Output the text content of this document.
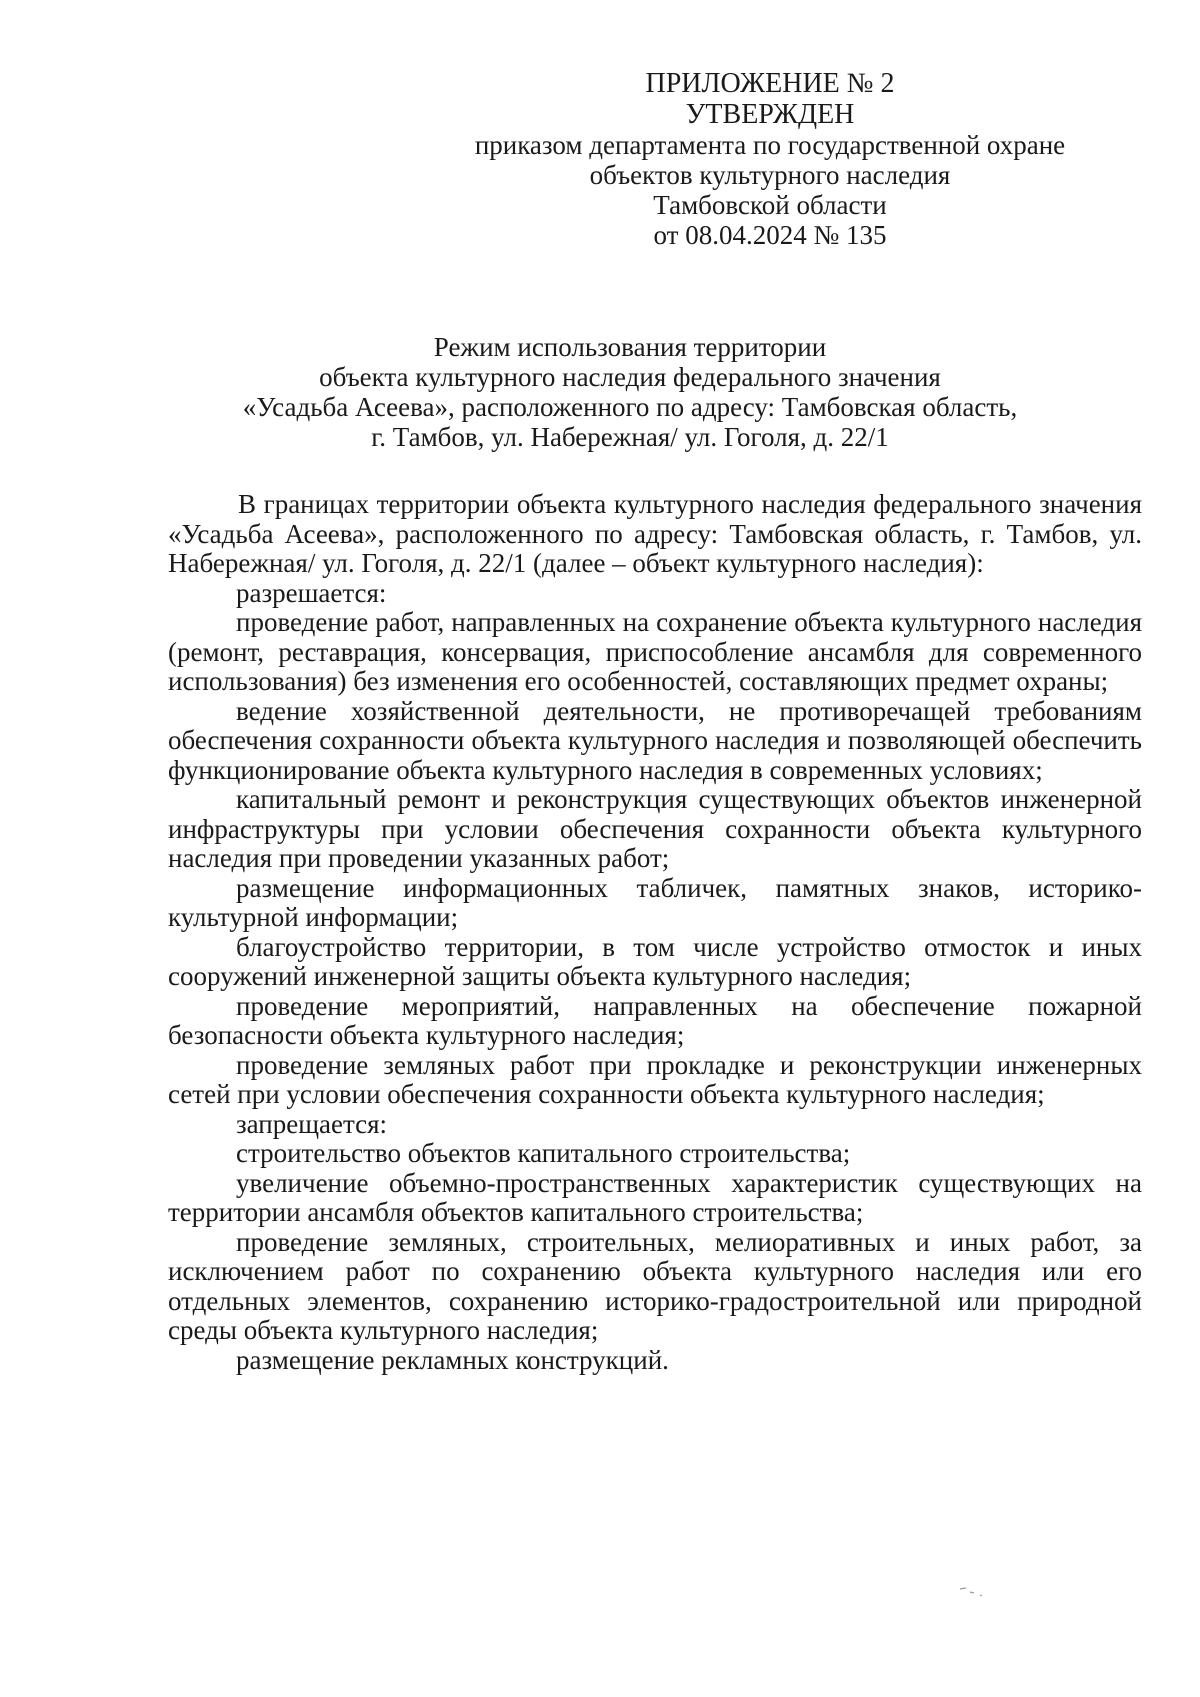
ПРИЛОЖЕНИЕ № 2
УТВЕРЖДЕН
приказом департамента по государственной охране
объектов культурного наследия
Тамбовской области
от 08.04.2024 № 135
Режим использования территории
объекта культурного наследия федерального значения
«Усадьба Асеева», расположенного по адресу: Тамбовская область,
г. Тамбов, ул. Набережная/ ул. Гоголя, д. 22/1

В границах территории объекта культурного наследия федерального значения «Усадьба Асеева», расположенного по адресу: Тамбовская область, г. Тамбов, ул. Набережная/ ул. Гоголя, д. 22/1 (далее – объект культурного наследия):

разрешается:

проведение работ, направленных на сохранение объекта культурного наследия (ремонт, реставрация, консервация, приспособление ансамбля для современного использования) без изменения его особенностей, составляющих предмет охраны;

ведение хозяйственной деятельности, не противоречащей требованиям обеспечения сохранности объекта культурного наследия и позволяющей обеспечить функционирование объекта культурного наследия в современных условиях;

капитальный ремонт и реконструкция существующих объектов инженерной инфраструктуры при условии обеспечения сохранности объекта культурного наследия при проведении указанных работ;

размещение информационных табличек, памятных знаков, историко-культурной информации;

благоустройство территории, в том числе устройство отмосток и иных сооружений инженерной защиты объекта культурного наследия;

проведение мероприятий, направленных на обеспечение пожарной безопасности объекта культурного наследия;

проведение земляных работ при прокладке и реконструкции инженерных сетей при условии обеспечения сохранности объекта культурного наследия;

запрещается:

строительство объектов капитального строительства;

увеличение объемно-пространственных характеристик существующих на территории ансамбля объектов капитального строительства;

проведение земляных, строительных, мелиоративных и иных работ, за исключением работ по сохранению объекта культурного наследия или его отдельных элементов, сохранению историко-градостроительной или природной среды объекта культурного наследия;

размещение рекламных конструкций.
